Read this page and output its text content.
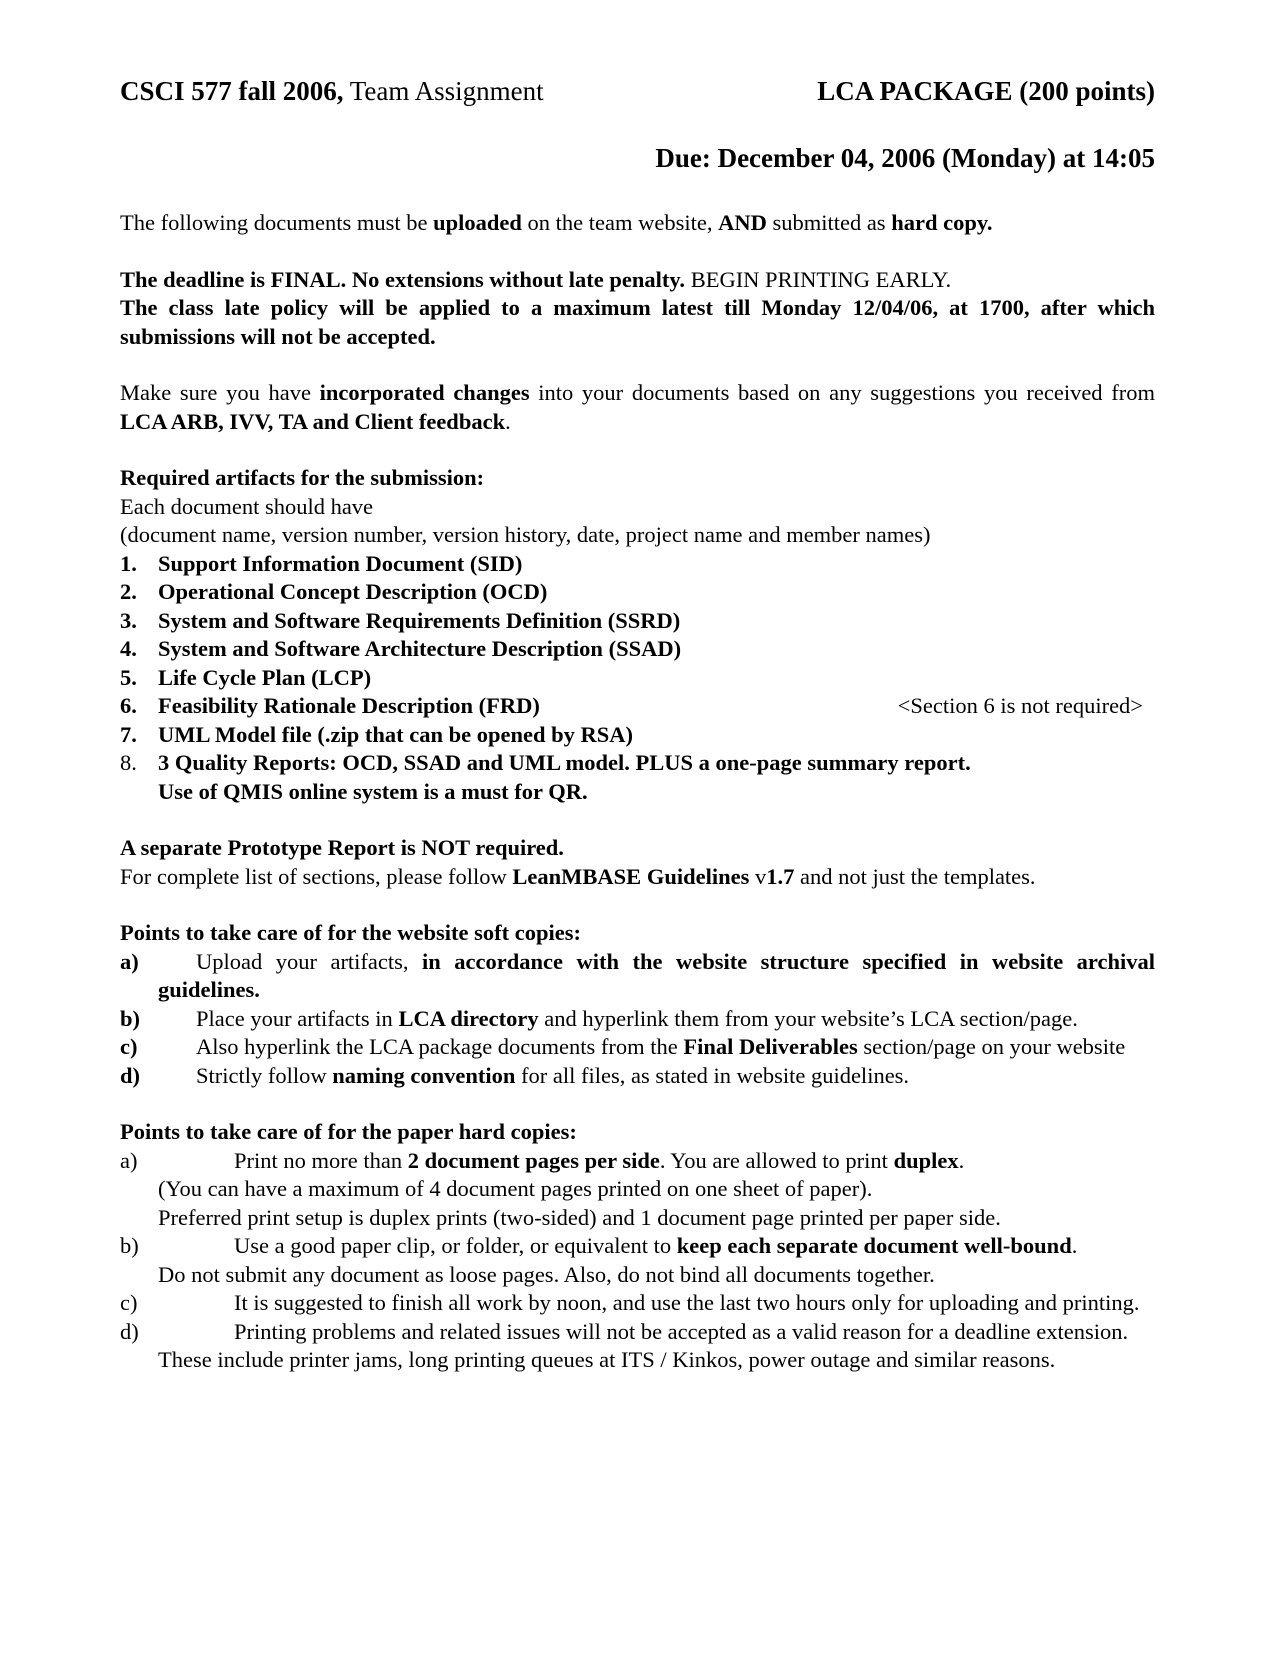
CSCI 577 fall 2006, Team Assignment	LCA PACKAGE (200 points)
Due: December 04, 2006 (Monday) at 14:05

The following documents must be uploaded on the team website, AND submitted as hard copy.

The deadline is FINAL. No extensions without late penalty. BEGIN PRINTING EARLY.

The class late policy will be applied to a maximum latest till Monday 12/04/06, at 1700, after which submissions will not be accepted.

Make sure you have incorporated changes into your documents based on any suggestions you received from LCA ARB, IVV, TA and Client feedback.

Required artifacts for the submission:

Each document should have

(document name, version number, version history, date, project name and member names)

1. Support Information Document (SID)
2. Operational Concept Description (OCD)
3. System and Software Requirements Definition (SSRD)
4. System and Software Architecture Description (SSAD)
5. Life Cycle Plan (LCP)
6. Feasibility Rationale Description (FRD)	<Section 6 is not required>
7. UML Model file (.zip that can be opened by RSA)
8. 3 Quality Reports: OCD, SSAD and UML model. PLUS a one-page summary report.

Use of QMIS online system is a must for QR.

A separate Prototype Report is NOT required.

For complete list of sections, please follow LeanMBASE Guidelines v1.7 and not just the templates.

Points to take care of for the website soft copies:

a)	Upload your artifacts, in accordance with the website structure specified in website archival guidelines.
b)	Place your artifacts in LCA directory and hyperlink them from your website’s LCA section/page.
c)	Also hyperlink the LCA package documents from the Final Deliverables section/page on your website
d)	Strictly follow naming convention for all files, as stated in website guidelines.

Points to take care of for the paper hard copies:

a)	Print no more than 2 document pages per side. You are allowed to print duplex.

(You can have a maximum of 4 document pages printed on one sheet of paper).

Preferred print setup is duplex prints (two-sided) and 1 document page printed per paper side.

b)	Use a good paper clip, or folder, or equivalent to keep each separate document well-bound.

Do not submit any document as loose pages. Also, do not bind all documents together.

c)	It is suggested to finish all work by noon, and use the last two hours only for uploading and printing.
d)	Printing problems and related issues will not be accepted as a valid reason for a deadline extension.

These include printer jams, long printing queues at ITS / Kinkos, power outage and similar reasons.
